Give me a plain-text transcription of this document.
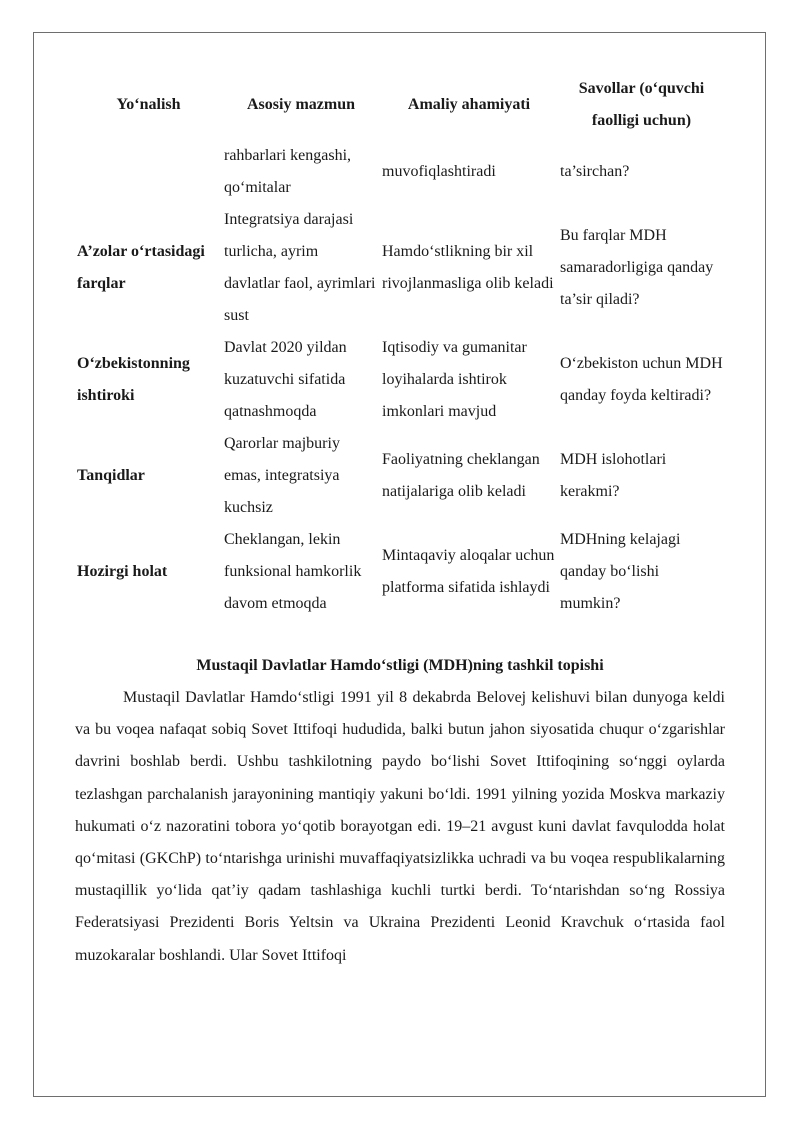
Yo‘nalish	Asosiy mazmun	Amaliy ahamiyati	Savollar (o‘quvchi faolligi uchun)
	rahbarlari kengashi, qo‘mitalar	muvofiqlashtiradi	ta’sirchan?
A’zolar o‘rtasidagi farqlar	Integratsiya darajasi turlicha, ayrim davlatlar faol, ayrimlari sust	Hamdo‘stlikning bir xil rivojlanmasliga olib keladi	Bu farqlar MDH samaradorligiga qanday ta’sir qiladi?
O‘zbekistonning ishtiroki	Davlat 2020 yildan kuzatuvchi sifatida qatnashmoqda	Iqtisodiy va gumanitar loyihalarda ishtirok imkonlari mavjud	O‘zbekiston uchun MDH qanday foyda keltiradi?
Tanqidlar	Qarorlar majburiy emas, integratsiya kuchsiz	Faoliyatning cheklangan natijalariga olib keladi	MDH islohotlari kerakmi?
Hozirgi holat	Cheklangan, lekin funksional hamkorlik davom etmoqda	Mintaqaviy aloqalar uchun platforma sifatida ishlaydi	MDHning kelajagi qanday bo‘lishi mumkin?
Mustaqil Davlatlar Hamdo‘stligi (MDH)ning tashkil topishi

Mustaqil Davlatlar Hamdo‘stligi 1991 yil 8 dekabrda Belovej kelishuvi bilan dunyoga keldi va bu voqea nafaqat sobiq Sovet Ittifoqi hududida, balki butun jahon siyosatida chuqur o‘zgarishlar davrini boshlab berdi. Ushbu tashkilotning paydo bo‘lishi Sovet Ittifoqining so‘nggi oylarda tezlashgan parchalanish jarayonining mantiqiy yakuni bo‘ldi. 1991 yilning yozida Moskva markaziy hukumati o‘z nazoratini tobora yo‘qotib borayotgan edi. 19–21 avgust kuni davlat favqulodda holat qo‘mitasi (GKChP) to‘ntarishga urinishi muvaffaqiyatsizlikka uchradi va bu voqea respublikalarning mustaqillik yo‘lida qat’iy qadam tashlashiga kuchli turtki berdi. To‘ntarishdan so‘ng Rossiya Federatsiyasi Prezidenti Boris Yeltsin va Ukraina Prezidenti Leonid Kravchuk o‘rtasida faol muzokaralar boshlandi. Ular Sovet Ittifoqi
